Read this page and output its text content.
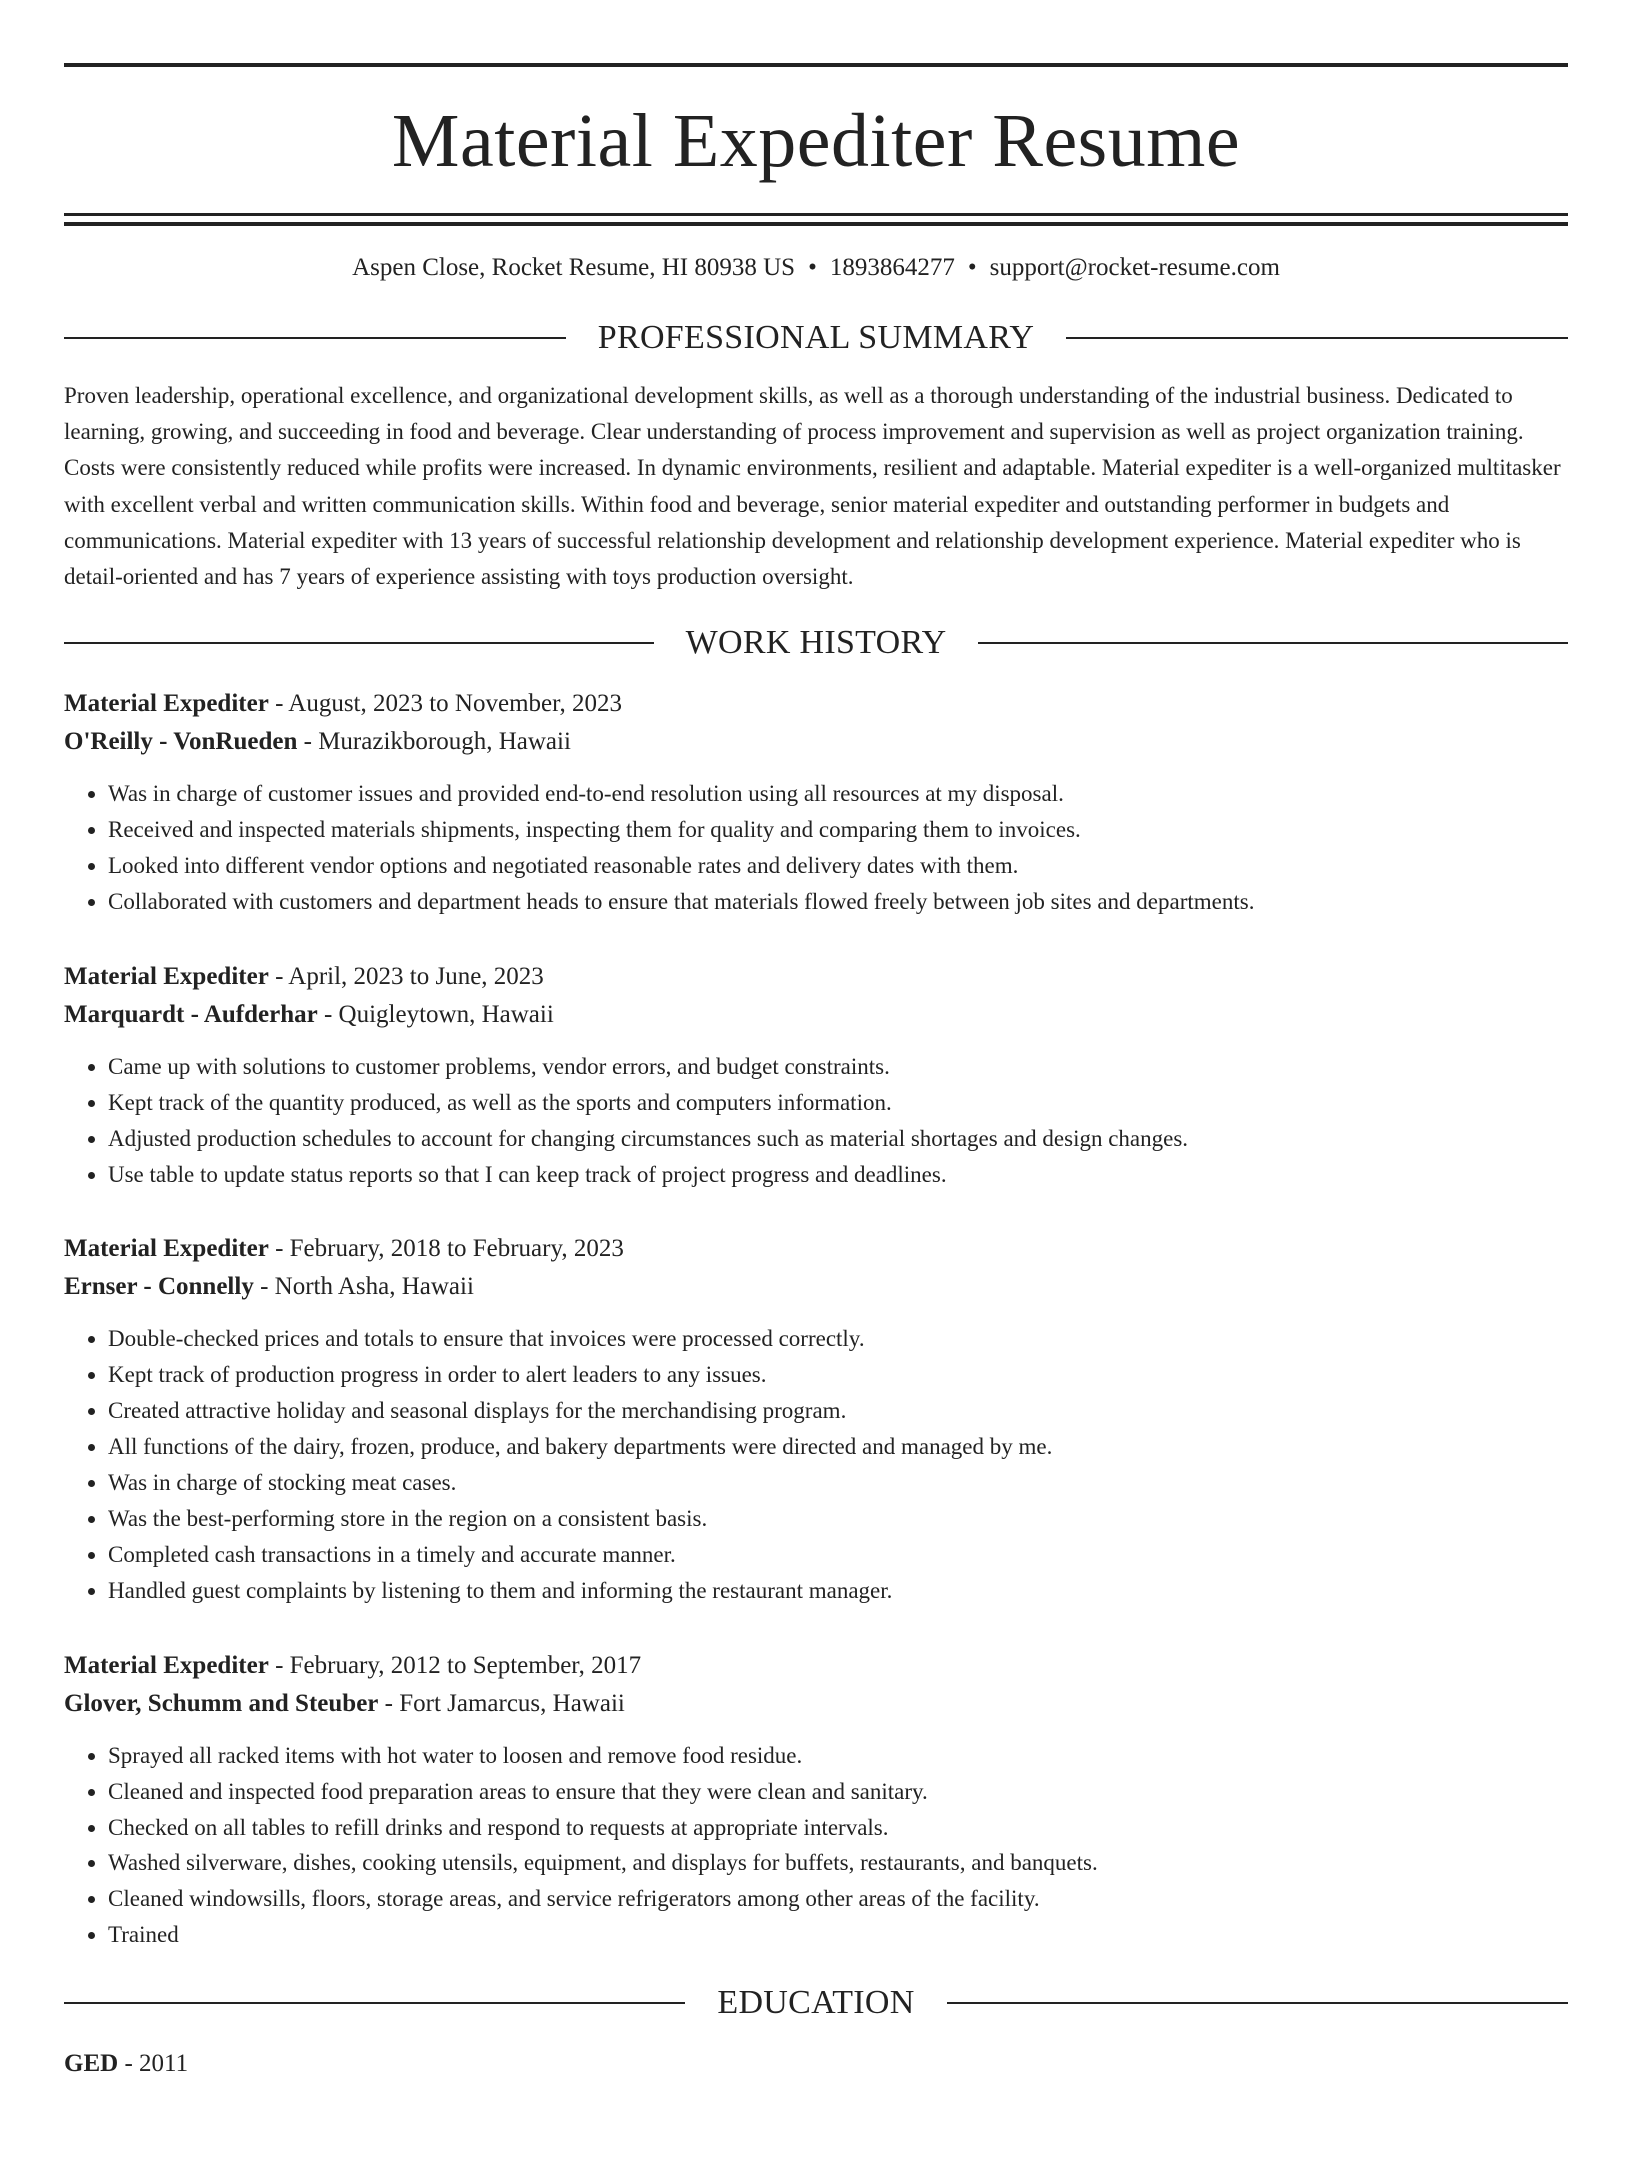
Material Expediter Resume
Aspen Close, Rocket Resume, HI 80938 US • 1893864277 • support@rocket-resume.com
PROFESSIONAL SUMMARY

Proven leadership, operational excellence, and organizational development skills, as well as a thorough understanding of the industrial business. Dedicated to learning, growing, and succeeding in food and beverage. Clear understanding of process improvement and supervision as well as project organization training. Costs were consistently reduced while profits were increased. In dynamic environments, resilient and adaptable. Material expediter is a well-organized multitasker with excellent verbal and written communication skills. Within food and beverage, senior material expediter and outstanding performer in budgets and communications. Material expediter with 13 years of successful relationship development and relationship development experience. Material expediter who is detail-oriented and has 7 years of experience assisting with toys production oversight.

WORK HISTORY
Material Expediter - August, 2023 to November, 2023
O'Reilly - VonRueden - Murazikborough, Hawaii
• Was in charge of customer issues and provided end-to-end resolution using all resources at my disposal.
• Received and inspected materials shipments, inspecting them for quality and comparing them to invoices.
• Looked into different vendor options and negotiated reasonable rates and delivery dates with them.
• Collaborated with customers and department heads to ensure that materials flowed freely between job sites and departments.
Material Expediter - April, 2023 to June, 2023
Marquardt - Aufderhar - Quigleytown, Hawaii
• Came up with solutions to customer problems, vendor errors, and budget constraints.
• Kept track of the quantity produced, as well as the sports and computers information.
• Adjusted production schedules to account for changing circumstances such as material shortages and design changes.
• Use table to update status reports so that I can keep track of project progress and deadlines.
Material Expediter - February, 2018 to February, 2023
Ernser - Connelly - North Asha, Hawaii
• Double-checked prices and totals to ensure that invoices were processed correctly.
• Kept track of production progress in order to alert leaders to any issues.
• Created attractive holiday and seasonal displays for the merchandising program.
• All functions of the dairy, frozen, produce, and bakery departments were directed and managed by me.
• Was in charge of stocking meat cases.
• Was the best-performing store in the region on a consistent basis.
• Completed cash transactions in a timely and accurate manner.
• Handled guest complaints by listening to them and informing the restaurant manager.
Material Expediter - February, 2012 to September, 2017
Glover, Schumm and Steuber - Fort Jamarcus, Hawaii
• Sprayed all racked items with hot water to loosen and remove food residue.
• Cleaned and inspected food preparation areas to ensure that they were clean and sanitary.
• Checked on all tables to refill drinks and respond to requests at appropriate intervals.
• Washed silverware, dishes, cooking utensils, equipment, and displays for buffets, restaurants, and banquets.
• Cleaned windowsills, floors, storage areas, and service refrigerators among other areas of the facility.
• Trained
EDUCATION
GED - 2011
